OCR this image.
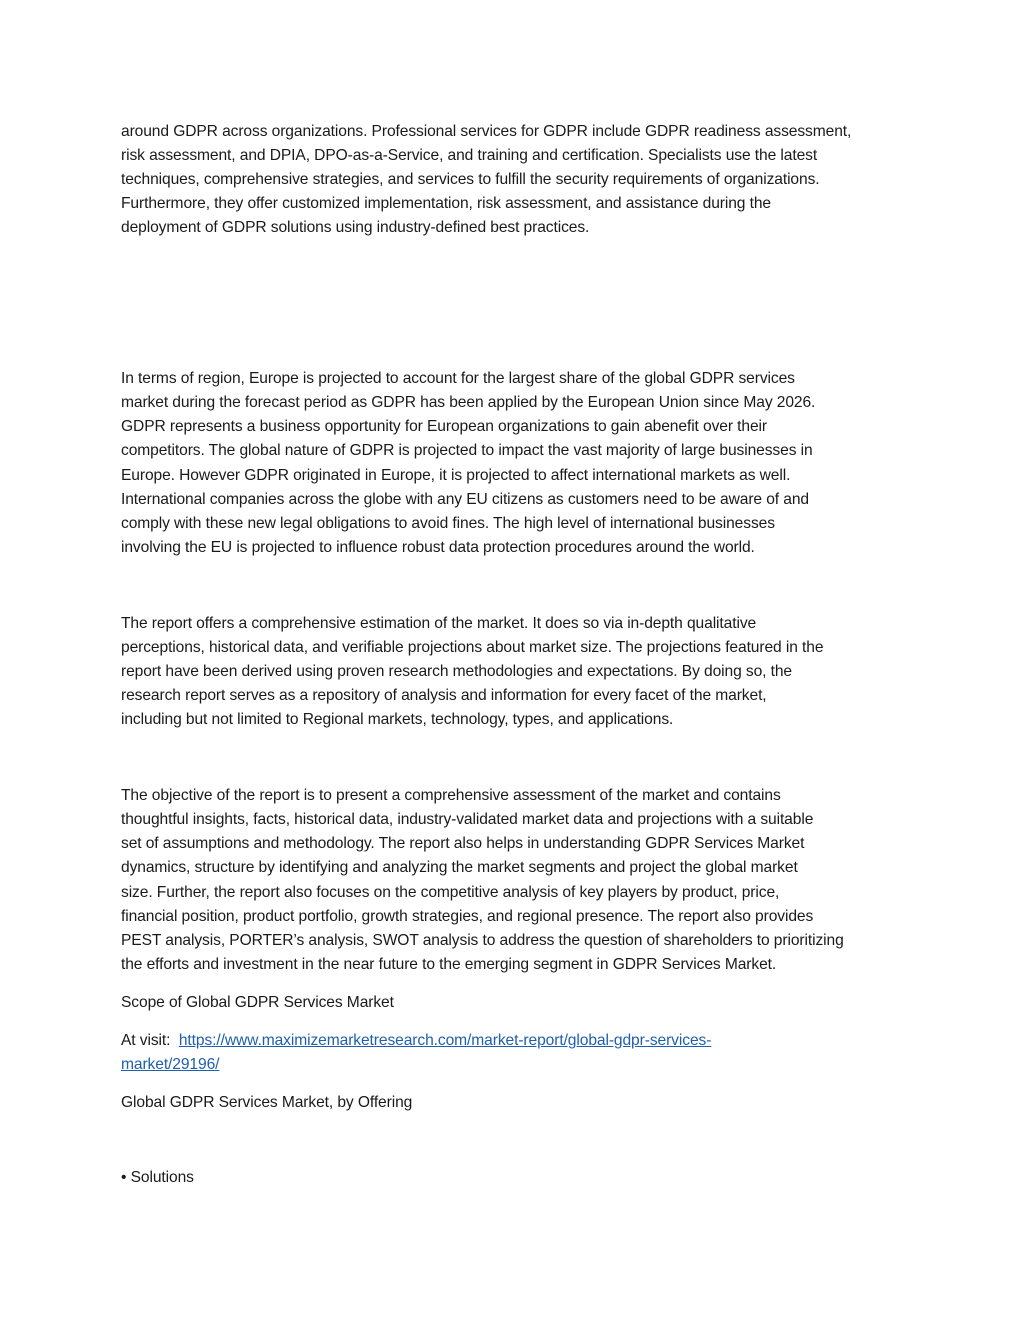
around GDPR across organizations. Professional services for GDPR include GDPR readiness assessment,
risk assessment, and DPIA, DPO-as-a-Service, and training and certification. Specialists use the latest
techniques, comprehensive strategies, and services to fulfill the security requirements of organizations.
Furthermore, they offer customized implementation, risk assessment, and assistance during the
deployment of GDPR solutions using industry-defined best practices.
In terms of region, Europe is projected to account for the largest share of the global GDPR services
market during the forecast period as GDPR has been applied by the European Union since May 2026.
GDPR represents a business opportunity for European organizations to gain abenefit over their
competitors. The global nature of GDPR is projected to impact the vast majority of large businesses in
Europe. However GDPR originated in Europe, it is projected to affect international markets as well.
International companies across the globe with any EU citizens as customers need to be aware of and
comply with these new legal obligations to avoid fines. The high level of international businesses
involving the EU is projected to influence robust data protection procedures around the world.
The report offers a comprehensive estimation of the market. It does so via in-depth qualitative
perceptions, historical data, and verifiable projections about market size. The projections featured in the
report have been derived using proven research methodologies and expectations. By doing so, the
research report serves as a repository of analysis and information for every facet of the market,
including but not limited to Regional markets, technology, types, and applications.
The objective of the report is to present a comprehensive assessment of the market and contains
thoughtful insights, facts, historical data, industry-validated market data and projections with a suitable
set of assumptions and methodology. The report also helps in understanding GDPR Services Market
dynamics, structure by identifying and analyzing the market segments and project the global market
size. Further, the report also focuses on the competitive analysis of key players by product, price,
financial position, product portfolio, growth strategies, and regional presence. The report also provides
PEST analysis, PORTER’s analysis, SWOT analysis to address the question of shareholders to prioritizing
the efforts and investment in the near future to the emerging segment in GDPR Services Market.
Scope of Global GDPR Services Market
At visit: https://www.maximizemarketresearch.com/market-report/global-gdpr-services-
market/29196/
Global GDPR Services Market, by Offering
• Solutions
